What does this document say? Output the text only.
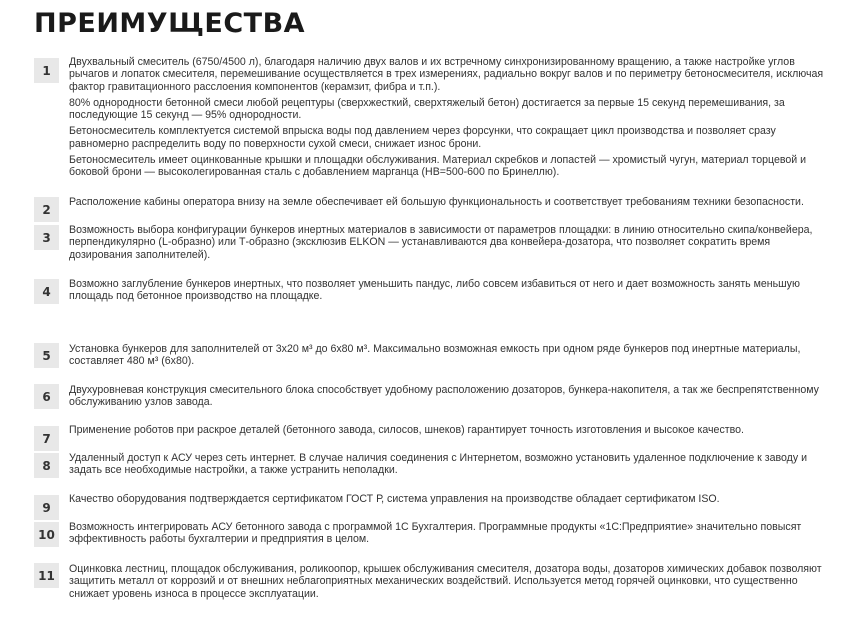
ПРЕИМУЩЕСТВА
1

Двухвальный смеситель (6750/4500 л), благодаря наличию двух валов и их встречному синхронизированному вращению, а также настройке углов рычагов и лопаток смесителя, перемешивание осуществляется в трех измерениях, радиально вокруг валов и по периметру бетоносмесителя, исключая фактор гравитационного расслоения компонентов (керамзит, фибра и т.п.).

80% однородности бетонной смеси любой рецептуры (сверхжесткий, сверхтяжелый бетон) достигается за первые 15 секунд перемешивания, за последующие 15 секунд — 95% однородности.

Бетоносмеситель комплектуется системой впрыска воды под давлением через форсунки, что сокращает цикл производства и позволяет сразу равномерно распределить воду по поверхности сухой смеси, снижает износ брони.

Бетоносмеситель имеет оцинкованные крышки и площадки обслуживания. Материал скребков и лопастей — хромистый чугун, материал торцевой и боковой брони — высоколегированная сталь с добавлением марганца (НВ=500-600 по Бринеллю).

2

Расположение кабины оператора внизу на земле обеспечивает ей большую функциональность и соответствует требованиям техники безопасности.

3

Возможность выбора конфигурации бункеров инертных материалов в зависимости от параметров площадки: в линию относительно скипа/конвейера, перпендикулярно (L-образно) или Т-образно (эксклюзив ELKON — устанавливаются два конвейера-дозатора, что позволяет сократить время дозирования заполнителей).

4

Возможно заглубление бункеров инертных, что позволяет уменьшить пандус, либо совсем избавиться от него и дает возможность занять меньшую площадь под бетонное производство на площадке.

5	Установка бункеров для заполнителей от 3х20 м³ до 6х80 м³. Максимально возможная емкость при одном ряде бункеров под инертные материалы, составляет 480 м³ (6х80).

6	Двухуровневая конструкция смесительного блока способствует удобному расположению дозаторов, бункера-накопителя, а так же беспрепятственному обслуживанию узлов завода.

7

Применение роботов при раскрое деталей (бетонного завода, силосов, шнеков) гарантирует точность изготовления и высокое качество.

8

Удаленный доступ к АСУ через сеть интернет. В случае наличия соединения с Интернетом, возможно установить удаленное подключение к заводу и задать все необходимые настройки, а также устранить неполадки.

9

Качество оборудования подтверждается сертификатом ГОСТ Р, система управления на производстве обладает сертификатом ISO.

10

Возможность интегрировать АСУ бетонного завода с программой 1С Бухгалтерия. Программные продукты «1С:Предприятие» значительно повысят эффективность работы бухгалтерии и предприятия в целом.

11	Оцинковка лестниц, площадок обслуживания, роликоопор, крышек обслуживания смесителя, дозатора воды, дозаторов химических добавок позволяют защитить металл от коррозий и от внешних неблагоприятных механических воздействий. Используется метод горячей оцинковки, что существенно снижает уровень износа в процессе эксплуатации.
